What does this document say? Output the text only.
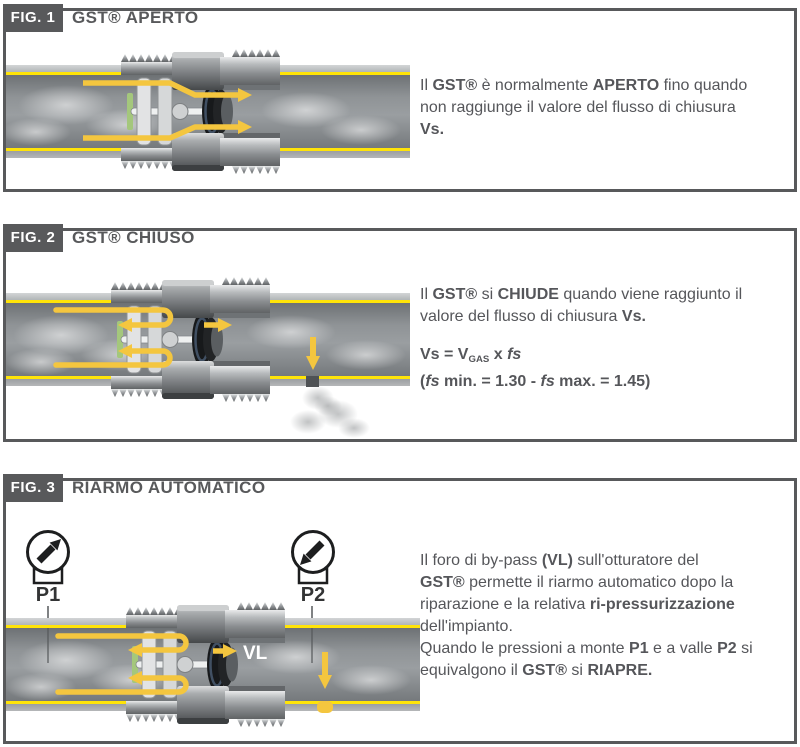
FIG. 1 GST® APERTO
Il GST® è normalmente APERTO fino quando
non raggiunge il valore del flusso di chiusura
Vs.
FIG. 2 GST® CHIUSO
Il GST® si CHIUDE quando viene raggiunto il
valore del flusso di chiusura Vs.
Vs = VGAS x fs
(fs min. = 1.30 - fs max. = 1.45)
FIG. 3 RIARMO AUTOMATICO
P1	P2
VL
Il foro di by-pass (VL) sull'otturatore del
GST® permette il riarmo automatico dopo la
riparazione e la relativa ri-pressurizzazione
dell'impianto.
Quando le pressioni a monte P1 e a valle P2 si
equivalgono il GST® si RIAPRE.
